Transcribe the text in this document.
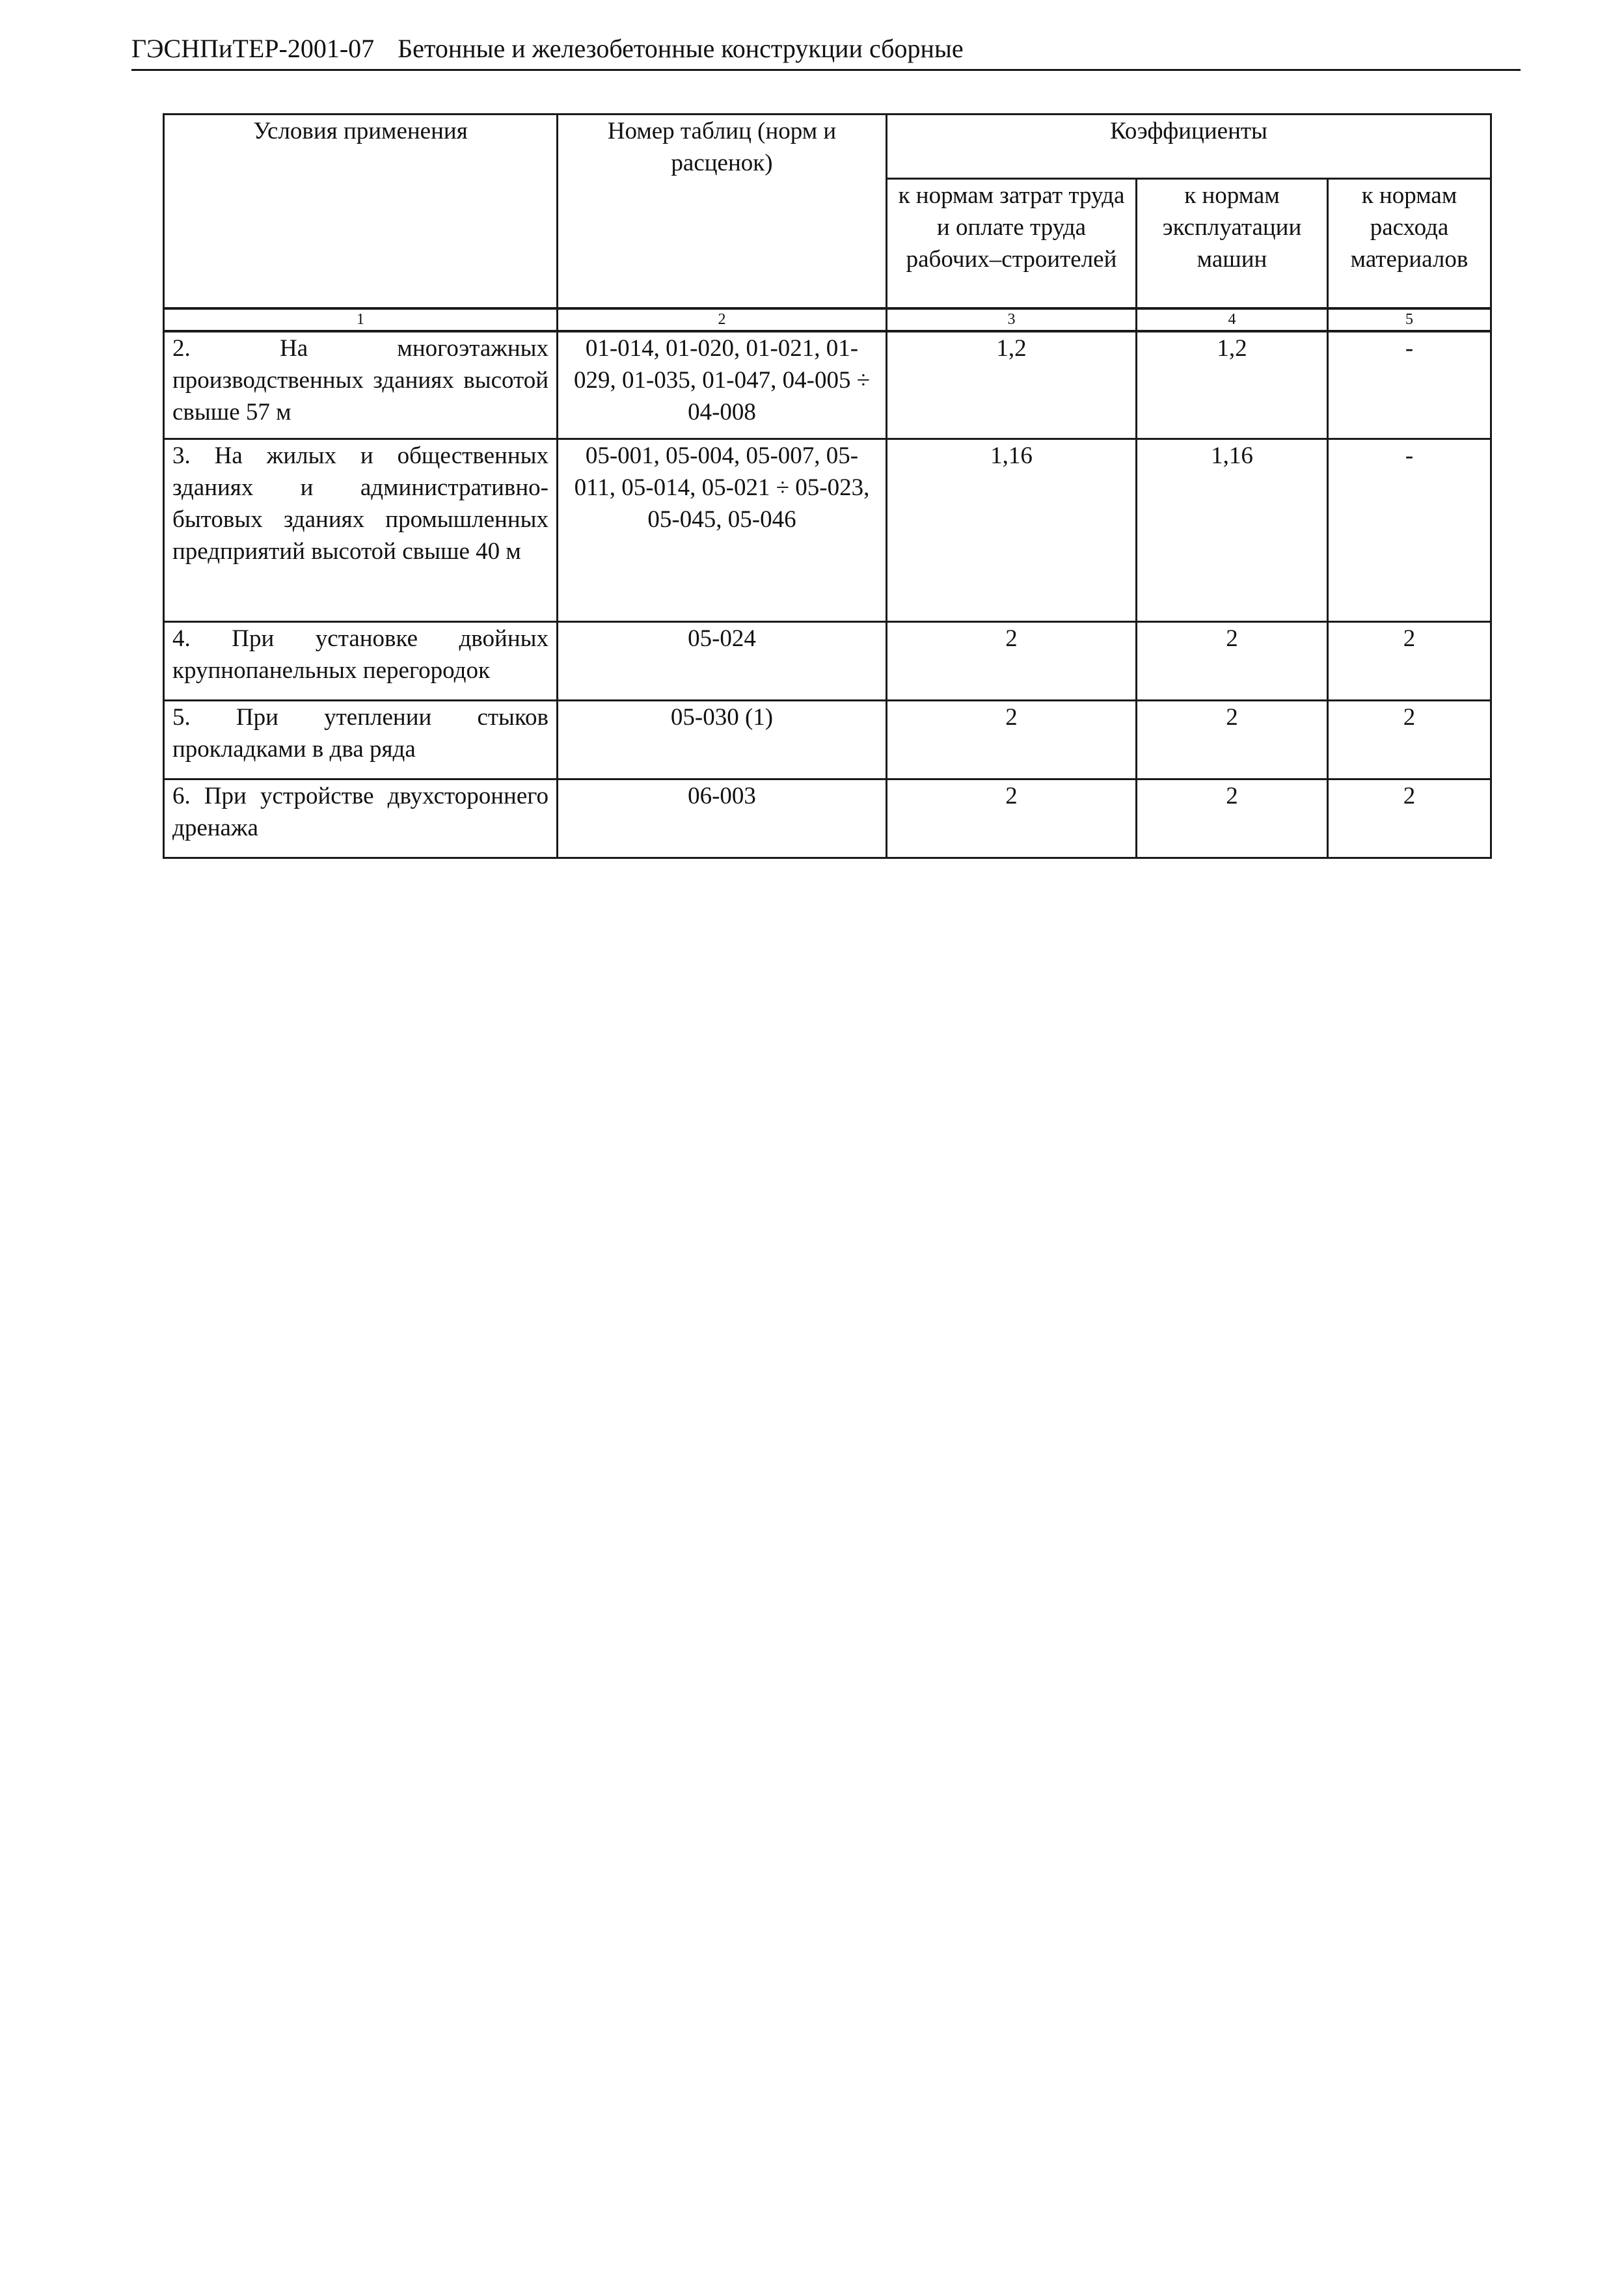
ГЭСНПиТЕР-2001-07 Бетонные и железобетонные конструкции сборные
Условия применения	Номер таблиц (норм и расценок)	Коэффициенты		
		к нормам затрат труда и оплате труда рабочих–строителей	к нормам эксплуатации машин	к нормам расхода материалов
1	2	3	4	5
2. На многоэтажных производственных зданиях высотой свыше 57 м	01-014, 01-020, 01-021, 01-029, 01-035, 01-047, 04-005 ÷ 04-008	1,2	1,2	-
3. На жилых и общественных зданиях и административно-бытовых зданиях промышленных предприятий высотой свыше 40 м	05-001, 05-004, 05-007, 05-011, 05-014, 05-021 ÷ 05-023, 05-045, 05-046	1,16	1,16	-
4. При установке двойных крупнопанельных перегородок	05-024	2	2	2
5. При утеплении стыков прокладками в два ряда	05-030 (1)	2	2	2
6. При устройстве двухстороннего дренажа	06-003	2	2	2
